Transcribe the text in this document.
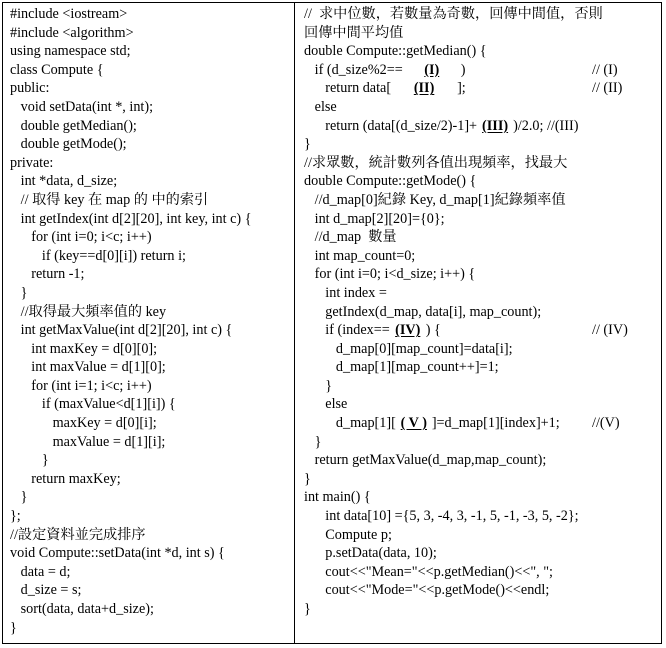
#include <iostream>
#include <algorithm>
using namespace std;
class Compute {
public:
void setData(int *, int);
double getMedian();
double getMode();
private:
int *data, d_size;
// 取得 key 在 map 的 中的索引
int getIndex(int d[2][20], int key, int c) {
for (int i=0; i<c; i++)
if (key==d[0][i]) return i;
return -1;
}
//取得最大頻率值的 key
int getMaxValue(int d[2][20], int c) {
int maxKey = d[0][0];
int maxValue = d[1][0];
for (int i=1; i<c; i++)
if (maxValue<d[1][i]) {
maxKey = d[0][i];
maxValue = d[1][i];
}
return maxKey;
}
};
//設定資料並完成排序
void Compute::setData(int *d, int s) {
data = d;
d_size = s;
sort(data, data+d_size);
}
//  求中位數，若數量為奇數，回傳中間值，否則
回傳中間平均值
double Compute::getMedian() {
if (d_size%2== (I) )	// (I)
return data[ (II) ];	// (II)
else
return (data[(d_size/2)-1]+ (III) )/2.0; //(III)
}
//求眾數，統計數列各值出現頻率，找最大
double Compute::getMode() {
//d_map[0]紀錄 Key, d_map[1]紀錄頻率值
int d_map[2][20]={0};
//d_map  數量
int map_count=0;
for (int i=0; i<d_size; i++) {
int index =
getIndex(d_map, data[i], map_count);
if (index== (IV) ) {	// (IV)
d_map[0][map_count]=data[i];
d_map[1][map_count++]=1;
}
else
d_map[1][ ( V ) ]=d_map[1][index]+1; //(V)
}
return getMaxValue(d_map,map_count);
}
int main() {
int data[10] ={5, 3, -4, 3, -1, 5, -1, -3, 5, -2};
Compute p;
p.setData(data, 10);
cout<<"Mean="<<p.getMedian()<<", ";
cout<<"Mode="<<p.getMode()<<endl;
}
